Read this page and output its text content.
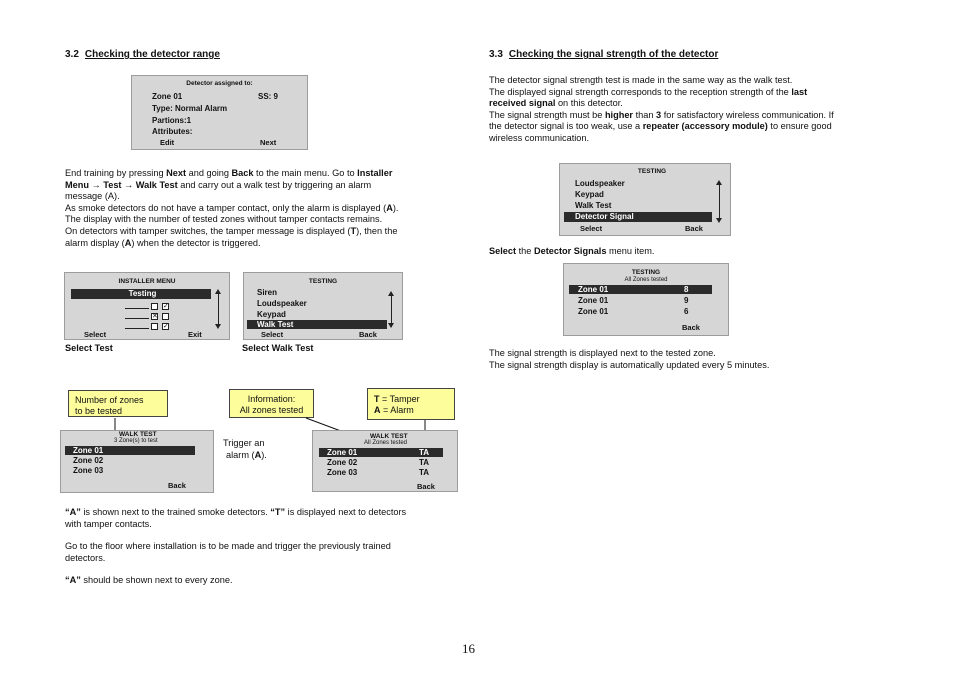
3.2 Checking the detector range
Detector assigned to:
Zone 01	SS: 9
Type: Normal Alarm
Partions:1
Attributes:
Edit	Next
End training by pressing Next and going Back to the main menu. Go to Installer
Menu → Test → Walk Test and carry out a walk test by triggering an alarm
message (A).
As smoke detectors do not have a tamper contact, only the alarm is displayed (A).
The display with the number of tested zones without tamper contacts remains.
On detectors with tamper switches, the tamper message is displayed (T), then the
alarm display (A) when the detector is triggered.
INSTALLER MENU
Testing
✓
✕
✓
Select	Exit
TESTING
Siren
Loudspeaker
Keypad
Walk Test
Select	Back
Select Test	Select Walk Test
Number of zones
to be tested
Information:
All zones tested
T = Tamper
A = Alarm
WALK TEST
3 Zone(s) to test
Zone 01
Zone 02
Zone 03
Back
Trigger an
alarm (A).
WALK TEST
All Zones tested
Zone 01	TA
Zone 02	TA
Zone 03	TA
Back
“A” is shown next to the trained smoke detectors. “T” is displayed next to detectors
with tamper contacts.
Go to the floor where installation is to be made and trigger the previously trained
detectors.
“A” should be shown next to every zone.
3.3 Checking the signal strength of the detector
The detector signal strength test is made in the same way as the walk test.
The displayed signal strength corresponds to the reception strength of the last
received signal on this detector.
The signal strength must be higher than 3 for satisfactory wireless communication. If
the detector signal is too weak, use a repeater (accessory module) to ensure good
wireless communication.
TESTING
Loudspeaker
Keypad
Walk Test
Detector Signal
Select	Back
Select the Detector Signals menu item.
TESTING
All Zones tested
Zone 01	8
Zone 01	9
Zone 01	6
Back
The signal strength is displayed next to the tested zone.
The signal strength display is automatically updated every 5 minutes.
16
